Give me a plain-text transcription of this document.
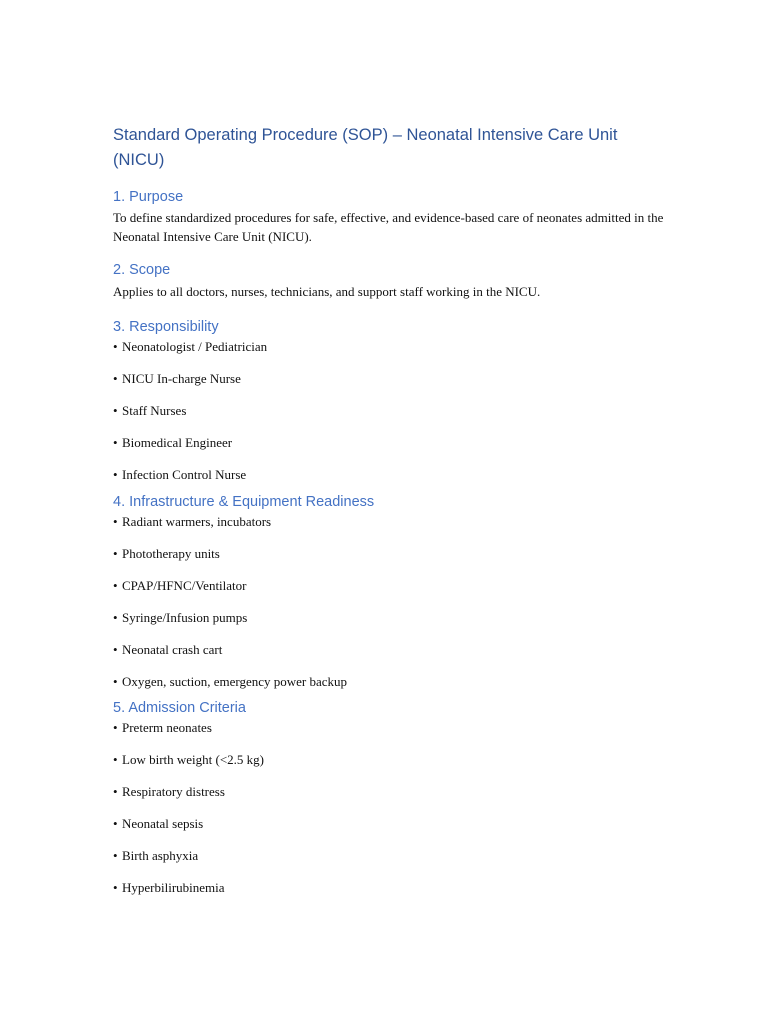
Standard Operating Procedure (SOP) – Neonatal Intensive Care Unit (NICU)
1. Purpose

To define standardized procedures for safe, effective, and evidence-based care of neonates admitted in the Neonatal Intensive Care Unit (NICU).

2. Scope

Applies to all doctors, nurses, technicians, and support staff working in the NICU.

3. Responsibility

• Neonatologist / Pediatrician

• NICU In-charge Nurse

• Staff Nurses

• Biomedical Engineer

• Infection Control Nurse

4. Infrastructure & Equipment Readiness

• Radiant warmers, incubators

• Phototherapy units

• CPAP/HFNC/Ventilator

• Syringe/Infusion pumps

• Neonatal crash cart

• Oxygen, suction, emergency power backup

5. Admission Criteria

• Preterm neonates

• Low birth weight (<2.5 kg)

• Respiratory distress

• Neonatal sepsis

• Birth asphyxia

• Hyperbilirubinemia
